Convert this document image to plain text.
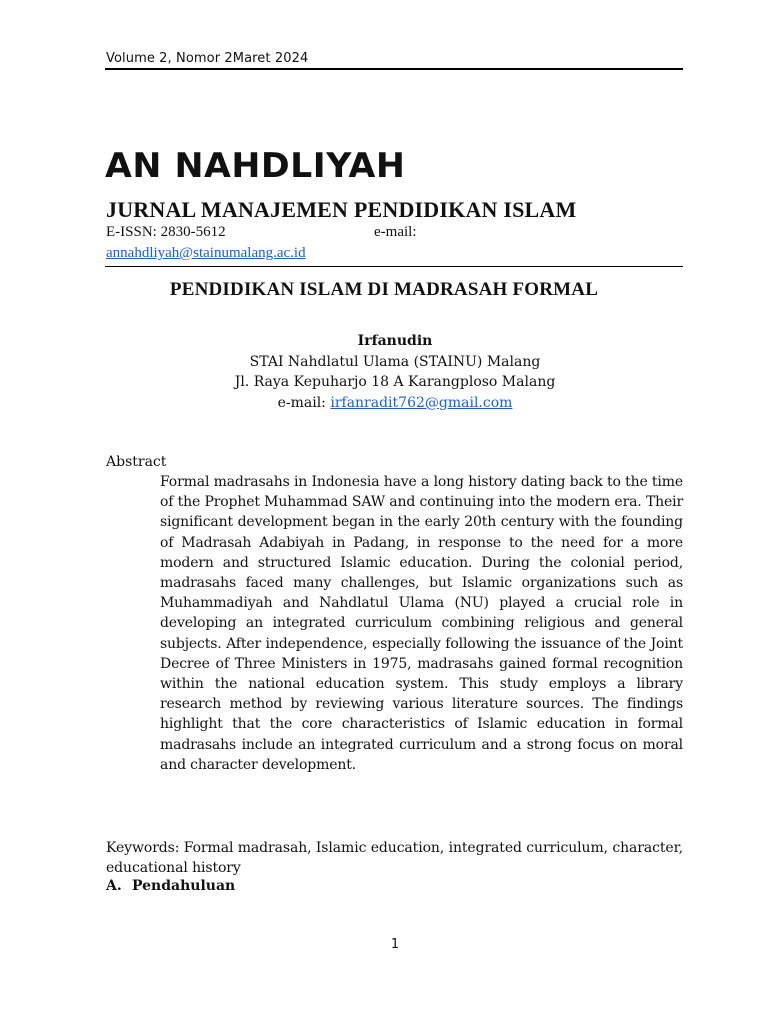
Volume 2, Nomor 2Maret 2024
AN NAHDLIYAH
JURNAL MANAJEMEN PENDIDIKAN ISLAM
E-ISSN: 2830-5612	e-mail:
annahdliyah@stainumalang.ac.id
PENDIDIKAN ISLAM DI MADRASAH FORMAL
Irfanudin
STAI Nahdlatul Ulama (STAINU) Malang
Jl. Raya Kepuharjo 18 A Karangploso Malang
e-mail: irfanradit762@gmail.com
Abstract
Formal madrasahs in Indonesia have a long history dating back to the time of the Prophet Muhammad SAW and continuing into the modern era. Their significant development began in the early 20th century with the founding of Madrasah Adabiyah in Padang, in response to the need for a more modern and structured Islamic education. During the colonial period, madrasahs faced many challenges, but Islamic organizations such as Muhammadiyah and Nahdlatul Ulama (NU) played a crucial role in developing an integrated curriculum combining religious and general subjects. After independence, especially following the issuance of the Joint Decree of Three Ministers in 1975, madrasahs gained formal recognition within the national education system. This study employs a library research method by reviewing various literature sources. The findings highlight that the core characteristics of Islamic education in formal madrasahs include an integrated curriculum and a strong focus on moral and character development.
Keywords: Formal madrasah, Islamic education, integrated curriculum, character, educational history
A. Pendahuluan
1
